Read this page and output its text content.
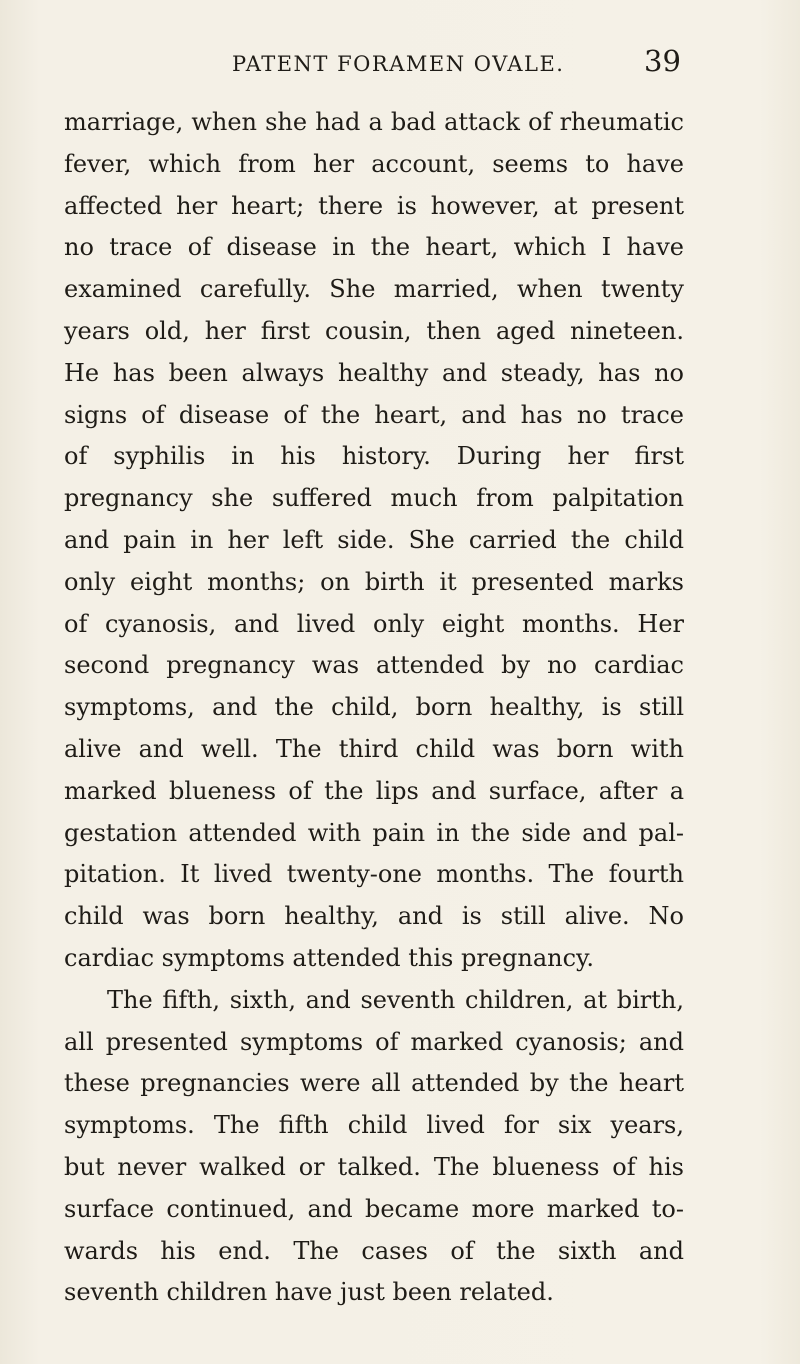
PATENT FORAMEN OVALE.	39
marriage, when she had a bad attack of rheumatic
fever, which from her account, seems to have
affected her heart; there is however, at present
no trace of disease in the heart, which I have
examined carefully. She married, when twenty
years old, her first cousin, then aged nineteen.
He has been always healthy and steady, has no
signs of disease of the heart, and has no trace
of syphilis in his history. During her first
pregnancy she suffered much from palpitation
and pain in her left side. She carried the child
only eight months; on birth it presented marks
of cyanosis, and lived only eight months. Her
second pregnancy was attended by no cardiac
symptoms, and the child, born healthy, is still
alive and well. The third child was born with
marked blueness of the lips and surface, after a
gestation attended with pain in the side and pal-
pitation. It lived twenty-one months. The fourth
child was born healthy, and is still alive. No
cardiac symptoms attended this pregnancy.
The fifth, sixth, and seventh children, at birth,
all presented symptoms of marked cyanosis; and
these pregnancies were all attended by the heart
symptoms. The fifth child lived for six years,
but never walked or talked. The blueness of his
surface continued, and became more marked to-
wards his end. The cases of the sixth and
seventh children have just been related.
